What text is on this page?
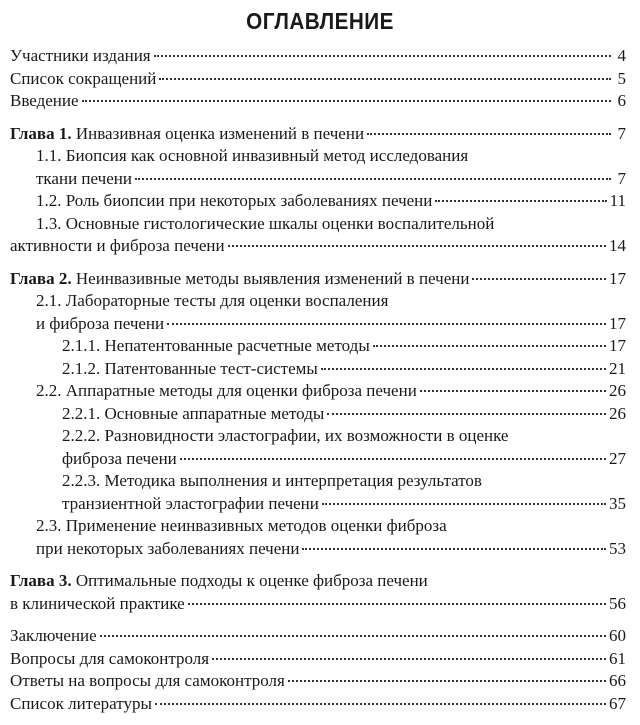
ОГЛАВЛЕНИЕ
Участники издания	4
Список сокращений	5
Введение	6
Глава 1. Инвазивная оценка изменений в печени	7
1.1. Биопсия как основной инвазивный метод исследования
ткани печени	7
1.2. Роль биопсии при некоторых заболеваниях печени	11
1.3. Основные гистологические шкалы оценки воспалительной
активности и фиброза печени	14
Глава 2. Неинвазивные методы выявления изменений в печени	17
2.1. Лабораторные тесты для оценки воспаления
и фиброза печени	17
2.1.1. Непатентованные расчетные методы	17
2.1.2. Патентованные тест-системы	21
2.2. Аппаратные методы для оценки фиброза печени	26
2.2.1. Основные аппаратные методы	26
2.2.2. Разновидности эластографии, их возможности в оценке
фиброза печени	27
2.2.3. Методика выполнения и интерпретация результатов
транзиентной эластографии печени	35
2.3. Применение неинвазивных методов оценки фиброза
при некоторых заболеваниях печени	53
Глава 3. Оптимальные подходы к оценке фиброза печени
в клинической практике	56
Заключение	60
Вопросы для самоконтроля	61
Ответы на вопросы для самоконтроля	66
Список литературы	67
